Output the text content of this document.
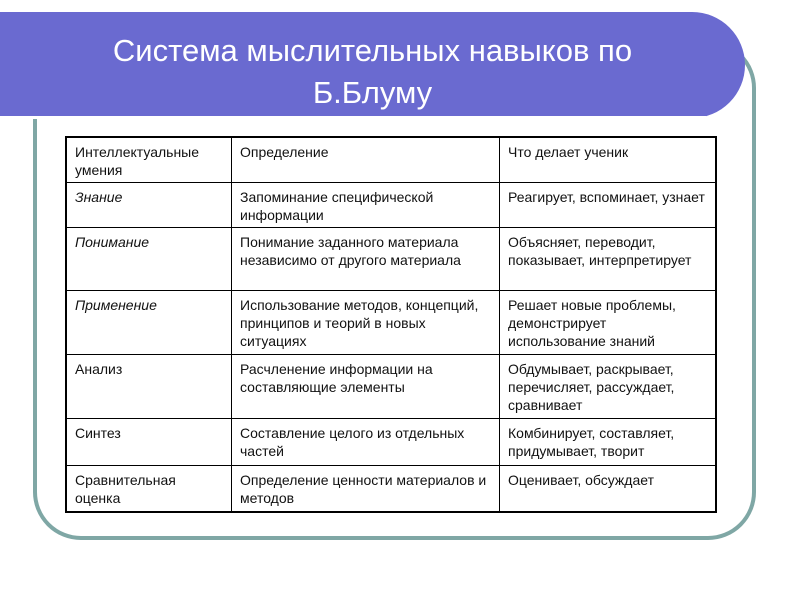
Система мыслительных навыков по
Б.Блуму
Интеллектуальные умения	Определение	Что делает ученик
Знание	Запоминание специфической информации	Реагирует, вспоминает, узнает
Понимание	Понимание заданного материала независимо от другого материала	Объясняет, переводит, показывает, интерпретирует
Применение	Использование методов, концепций, принципов и теорий в новых ситуациях	Решает новые проблемы, демонстрирует использование знаний
Анализ	Расчленение информации на составляющие элементы	Обдумывает, раскрывает, перечисляет, рассуждает, сравнивает
Синтез	Составление целого из отдельных частей	Комбинирует, составляет, придумывает, творит
Сравнительная оценка	Определение ценности материалов и методов	Оценивает, обсуждает
